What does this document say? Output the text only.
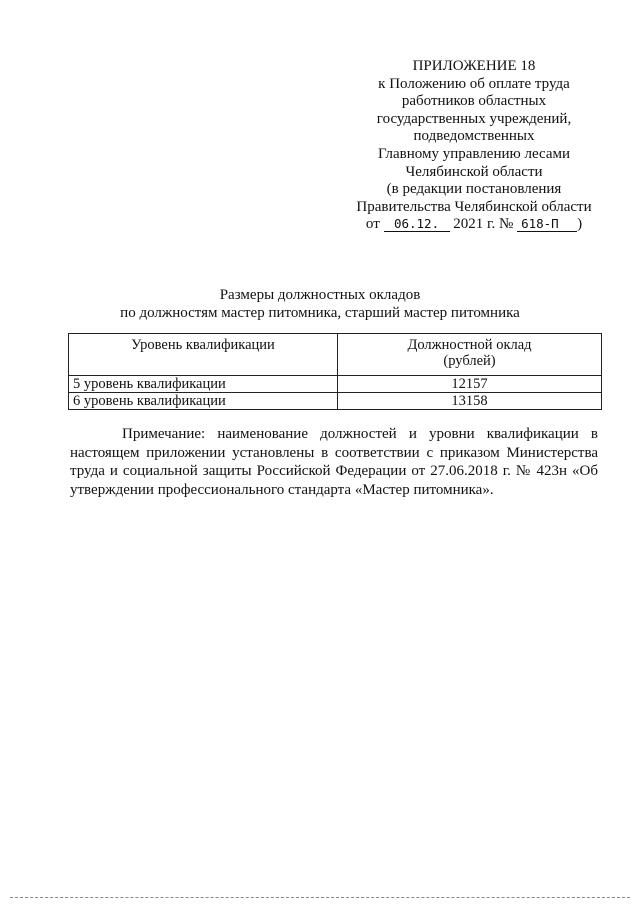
ПРИЛОЖЕНИЕ 18
к Положению об оплате труда
работников областных
государственных учреждений,
подведомственных
Главному управлению лесами
Челябинской области
(в редакции постановления
Правительства Челябинской области
от 06.12. 2021 г. № 618-П )
Размеры должностных окладов
по должностям мастер питомника, старший мастер питомника
Уровень квалификации	Должностной оклад
(рублей)

5 уровень квалификации	12157
6 уровень квалификации	13158
Примечание: наименование должностей и уровни квалификации в настоящем приложении установлены в соответствии с приказом Министерства труда и социальной защиты Российской Федерации от 27.06.2018 г. № 423н «Об утверждении профессионального стандарта «Мастер питомника».
